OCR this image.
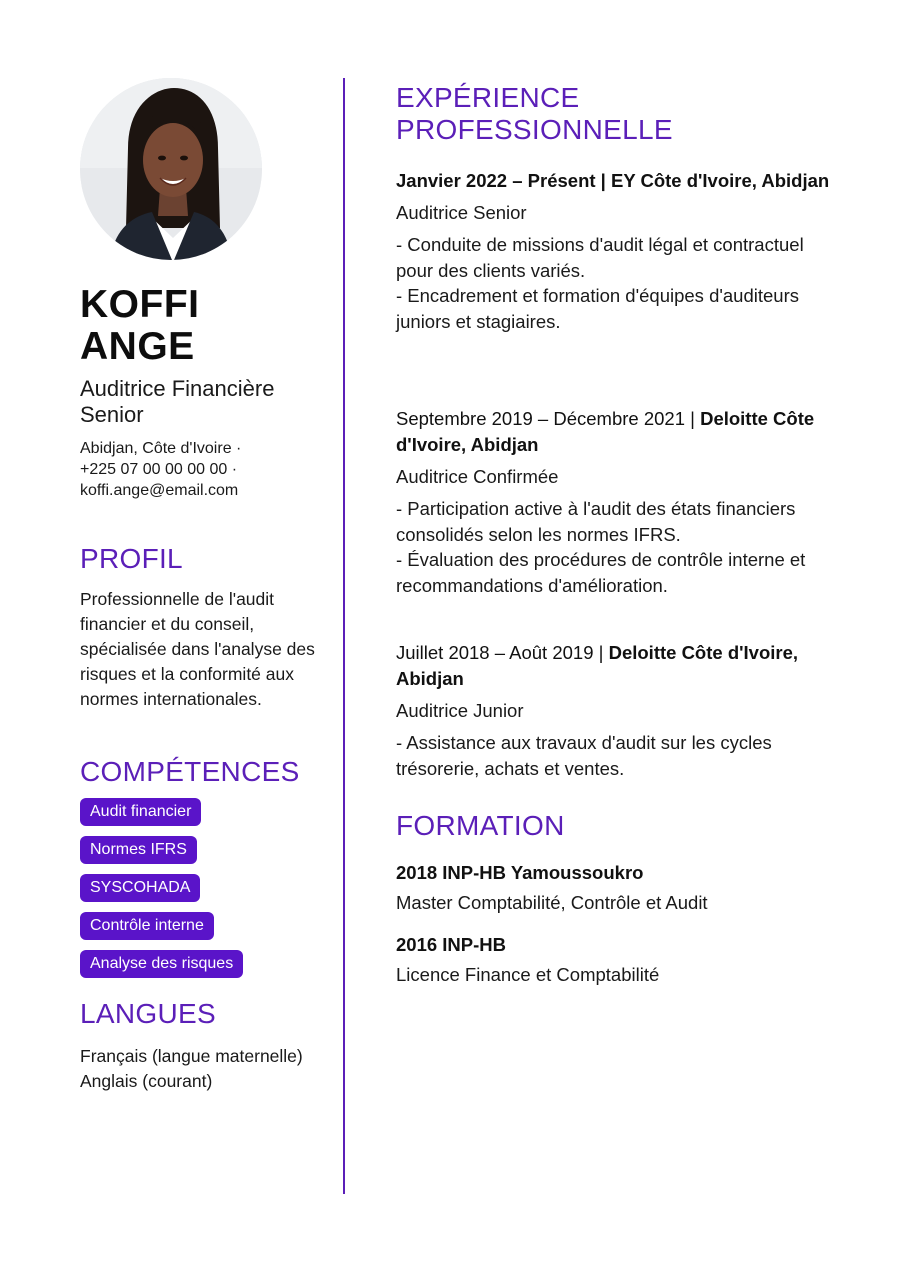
KOFFI
ANGE
Auditrice Financière Senior
Abidjan, Côte d'Ivoire ·
+225 07 00 00 00 00 ·
koffi.ange@email.com
PROFIL
Professionnelle de l'audit financier et du conseil, spécialisée dans l'analyse des risques et la conformité aux normes internationales.
COMPÉTENCES
Audit financier
Normes IFRS
SYSCOHADA
Contrôle interne
Analyse des risques
LANGUES
Français (langue maternelle)
Anglais (courant)
EXPÉRIENCE PROFESSIONNELLE
Janvier 2022 – Présent | EY Côte d'Ivoire, Abidjan
Auditrice Senior
- Conduite de missions d'audit légal et contractuel pour des clients variés.
- Encadrement et formation d'équipes d'auditeurs juniors et stagiaires.
Septembre 2019 – Décembre 2021 | Deloitte Côte d'Ivoire, Abidjan
Auditrice Confirmée
- Participation active à l'audit des états financiers consolidés selon les normes IFRS.
- Évaluation des procédures de contrôle interne et recommandations d'amélioration.
Juillet 2018 – Août 2019 | Deloitte Côte d'Ivoire, Abidjan
Auditrice Junior
- Assistance aux travaux d'audit sur les cycles trésorerie, achats et ventes.
FORMATION
2018 INP-HB Yamoussoukro
Master Comptabilité, Contrôle et Audit
2016 INP-HB
Licence Finance et Comptabilité
